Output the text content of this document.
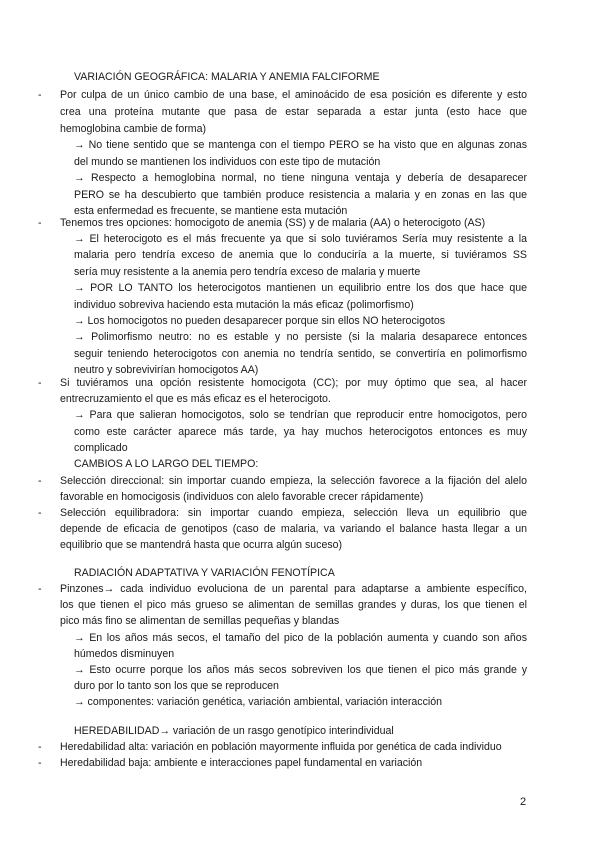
VARIACIÓN GEOGRÁFICA: MALARIA Y ANEMIA FALCIFORME
- Por culpa de un único cambio de una base, el aminoácido de esa posición es diferente y esto
crea una proteína mutante que pasa de estar separada a estar junta (esto hace que
hemoglobina cambie de forma)
→ No tiene sentido que se mantenga con el tiempo PERO se ha visto que en algunas zonas
del mundo se mantienen los individuos con este tipo de mutación
→ Respecto a hemoglobina normal, no tiene ninguna ventaja y debería de desaparecer
PERO se ha descubierto que también produce resistencia a malaria y en zonas en las que
esta enfermedad es frecuente, se mantiene esta mutación
- Tenemos tres opciones: homocigoto de anemia (SS) y de malaria (AA) o heterocigoto (AS)
→ El heterocigoto es el más frecuente ya que si solo tuviéramos Sería muy resistente a la
malaria pero tendría exceso de anemia que lo conduciría a la muerte, si tuviéramos SS
sería muy resistente a la anemia pero tendría exceso de malaria y muerte
→ POR LO TANTO los heterocigotos mantienen un equilibrio entre los dos que hace que
individuo sobreviva haciendo esta mutación la más eficaz (polimorfismo)
→ Los homocigotos no pueden desaparecer porque sin ellos NO heterocigotos
→ Polimorfismo neutro: no es estable y no persiste (si la malaria desaparece entonces
seguir teniendo heterocigotos con anemia no tendría sentido, se convertiría en polimorfismo
neutro y sobrevivirían homocigotos AA)
- Si tuviéramos una opción resistente homocigota (CC); por muy óptimo que sea, al hacer
entrecruzamiento el que es más eficaz es el heterocigoto.
→ Para que salieran homocigotos, solo se tendrían que reproducir entre homocigotos, pero
como este carácter aparece más tarde, ya hay muchos heterocigotos entonces es muy
complicado
CAMBIOS A LO LARGO DEL TIEMPO:
- Selección direccional: sin importar cuando empieza, la selección favorece a la fijación del alelo
favorable en homocigosis (individuos con alelo favorable crecer rápidamente)
- Selección equilibradora: sin importar cuando empieza, selección lleva un equilibrio que
depende de eficacia de genotipos (caso de malaria, va variando el balance hasta llegar a un
equilibrio que se mantendrá hasta que ocurra algún suceso)
RADIACIÓN ADAPTATIVA Y VARIACIÓN FENOTÍPICA
- Pinzones→ cada individuo evoluciona de un parental para adaptarse a ambiente específico,
los que tienen el pico más grueso se alimentan de semillas grandes y duras, los que tienen el
pico más fino se alimentan de semillas pequeñas y blandas
→ En los años más secos, el tamaño del pico de la población aumenta y cuando son años
húmedos disminuyen
→ Esto ocurre porque los años más secos sobreviven los que tienen el pico más grande y
duro por lo tanto son los que se reproducen
→ componentes: variación genética, variación ambiental, variación interacción
HEREDABILIDAD→ variación de un rasgo genotípico interindividual
- Heredabilidad alta: variación en población mayormente influida por genética de cada individuo
- Heredabilidad baja: ambiente e interacciones papel fundamental en variación
2
